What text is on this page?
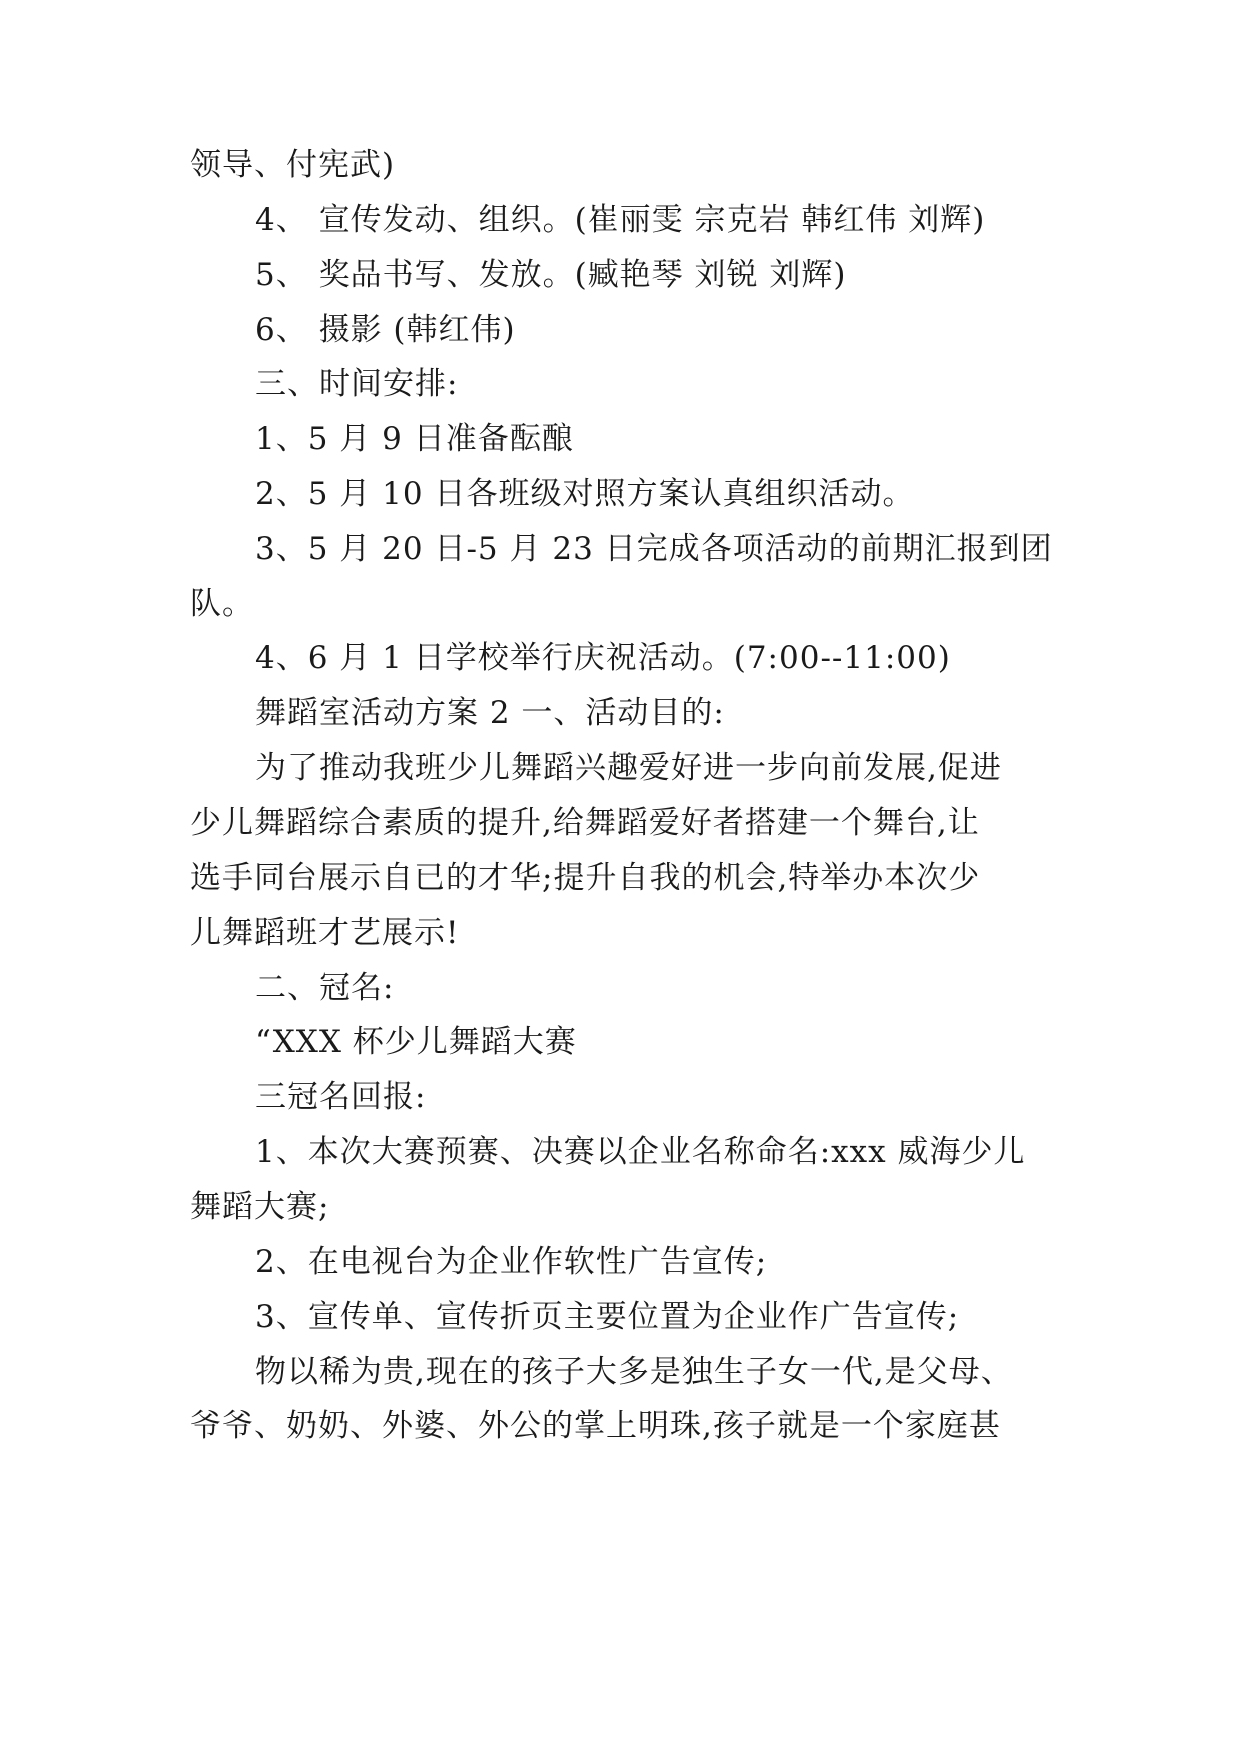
领导、付宪武)
4、 宣传发动、组织。(崔丽雯 宗克岩 韩红伟 刘辉)
5、 奖品书写、发放。(臧艳琴 刘锐 刘辉)
6、 摄影 (韩红伟)
三、时间安排:
1、5 月 9 日准备酝酿
2、5 月 10 日各班级对照方案认真组织活动。
3、5 月 20 日-5 月 23 日完成各项活动的前期汇报到团
队。
4、6 月 1 日学校举行庆祝活动。(7:00--11:00)
舞蹈室活动方案 2 一、活动目的:
为了推动我班少儿舞蹈兴趣爱好进一步向前发展,促进
少儿舞蹈综合素质的提升,给舞蹈爱好者搭建一个舞台,让
选手同台展示自已的才华;提升自我的机会,特举办本次少
儿舞蹈班才艺展示!
二、冠名:
“XXX 杯少儿舞蹈大赛
三冠名回报:
1、本次大赛预赛、决赛以企业名称命名:xxx 威海少儿
舞蹈大赛;
2、在电视台为企业作软性广告宣传;
3、宣传单、宣传折页主要位置为企业作广告宣传;
物以稀为贵,现在的孩子大多是独生子女一代,是父母、
爷爷、奶奶、外婆、外公的掌上明珠,孩子就是一个家庭甚
